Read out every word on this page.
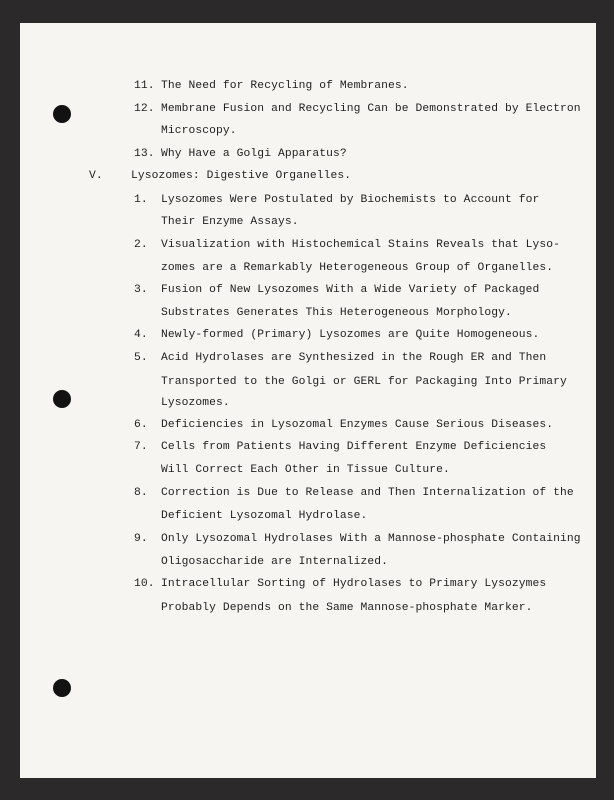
11. The Need for Recycling of Membranes.
12. Membrane Fusion and Recycling Can be Demonstrated by Electron
Microscopy.
13. Why Have a Golgi Apparatus?
V. Lysozomes: Digestive Organelles.
1. Lysozomes Were Postulated by Biochemists to Account for
Their Enzyme Assays.
2. Visualization with Histochemical Stains Reveals that Lyso-
zomes are a Remarkably Heterogeneous Group of Organelles.
3. Fusion of New Lysozomes With a Wide Variety of Packaged
Substrates Generates This Heterogeneous Morphology.
4. Newly-formed (Primary) Lysozomes are Quite Homogeneous.
5. Acid Hydrolases are Synthesized in the Rough ER and Then
Transported to the Golgi or GERL for Packaging Into Primary
Lysozomes.
6. Deficiencies in Lysozomal Enzymes Cause Serious Diseases.
7. Cells from Patients Having Different Enzyme Deficiencies
Will Correct Each Other in Tissue Culture.
8. Correction is Due to Release and Then Internalization of the
Deficient Lysozomal Hydrolase.
9. Only Lysozomal Hydrolases With a Mannose-phosphate Containing
Oligosaccharide are Internalized.
10. Intracellular Sorting of Hydrolases to Primary Lysozymes
Probably Depends on the Same Mannose-phosphate Marker.
